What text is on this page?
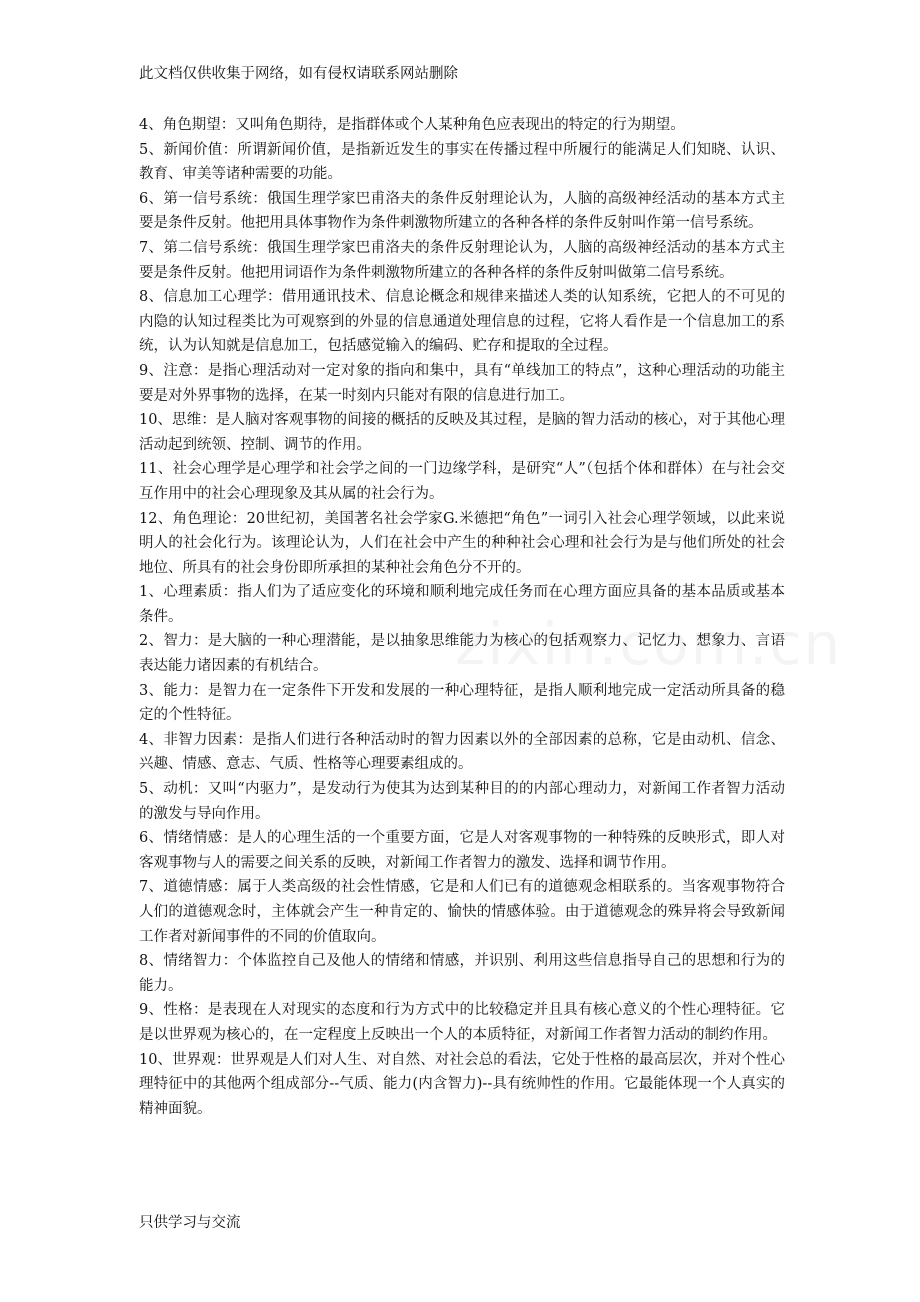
此文档仅供收集于网络，如有侵权请联系网站删除

4、角色期望：又叫角色期待，是指群体或个人某种角色应表现出的特定的行为期望。

5、新闻价值：所谓新闻价值，是指新近发生的事实在传播过程中所履行的能满足人们知晓、认识、教育、审美等诸种需要的功能。

6、第一信号系统：俄国生理学家巴甫洛夫的条件反射理论认为，人脑的高级神经活动的基本方式主要是条件反射。他把用具体事物作为条件刺激物所建立的各种各样的条件反射叫作第一信号系统。

7、第二信号系统：俄国生理学家巴甫洛夫的条件反射理论认为，人脑的高级神经活动的基本方式主要是条件反射。他把用词语作为条件刺激物所建立的各种各样的条件反射叫做第二信号系统。

8、信息加工心理学：借用通讯技术、信息论概念和规律来描述人类的认知系统，它把人的不可见的内隐的认知过程类比为可观察到的外显的信息通道处理信息的过程，它将人看作是一个信息加工的系统，认为认知就是信息加工，包括感觉输入的编码、贮存和提取的全过程。

9、注意：是指心理活动对一定对象的指向和集中，具有“单线加工的特点”，这种心理活动的功能主要是对外界事物的选择，在某一时刻内只能对有限的信息进行加工。

10、思维：是人脑对客观事物的间接的概括的反映及其过程，是脑的智力活动的核心，对于其他心理活动起到统领、控制、调节的作用。

11、社会心理学是心理学和社会学之间的一门边缘学科，是研究“人”（包括个体和群体）在与社会交互作用中的社会心理现象及其从属的社会行为。

12、角色理论：20世纪初，美国著名社会学家G.米德把“角色”一词引入社会心理学领域，以此来说明人的社会化行为。该理论认为，人们在社会中产生的种种社会心理和社会行为是与他们所处的社会地位、所具有的社会身份即所承担的某种社会角色分不开的。

1、心理素质：指人们为了适应变化的环境和顺利地完成任务而在心理方面应具备的基本品质或基本条件。

2、智力：是大脑的一种心理潜能，是以抽象思维能力为核心的包括观察力、记忆力、想象力、言语表达能力诸因素的有机结合。

3、能力：是智力在一定条件下开发和发展的一种心理特征，是指人顺利地完成一定活动所具备的稳定的个性特征。

4、非智力因素：是指人们进行各种活动时的智力因素以外的全部因素的总称，它是由动机、信念、兴趣、情感、意志、气质、性格等心理要素组成的。

5、动机：又叫“内驱力”，是发动行为使其为达到某种目的的内部心理动力，对新闻工作者智力活动的激发与导向作用。

6、情绪情感：是人的心理生活的一个重要方面，它是人对客观事物的一种特殊的反映形式，即人对客观事物与人的需要之间关系的反映，对新闻工作者智力的激发、选择和调节作用。

7、道德情感：属于人类高级的社会性情感，它是和人们已有的道德观念相联系的。当客观事物符合人们的道德观念时，主体就会产生一种肯定的、愉快的情感体验。由于道德观念的殊异将会导致新闻工作者对新闻事件的不同的价值取向。

8、情绪智力：个体监控自己及他人的情绪和情感，并识别、利用这些信息指导自己的思想和行为的能力。

9、性格：是表现在人对现实的态度和行为方式中的比较稳定并且具有核心意义的个性心理特征。它是以世界观为核心的，在一定程度上反映出一个人的本质特征，对新闻工作者智力活动的制约作用。

10、世界观：世界观是人们对人生、对自然、对社会总的看法，它处于性格的最高层次，并对个性心理特征中的其他两个组成部分--气质、能力(内含智力)--具有统帅性的作用。它最能体现一个人真实的精神面貌。

只供学习与交流
